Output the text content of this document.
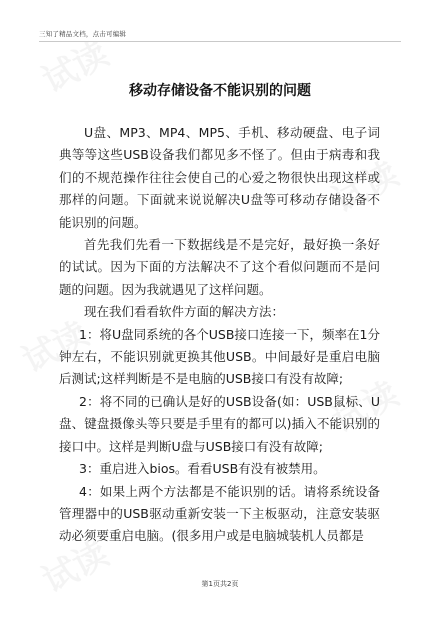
三知了精品文档，点击可编辑
移动存储设备不能识别的问题

U盘、MP3、MP4、MP5、手机、移动硬盘、电子词典等等这些USB设备我们都见多不怪了。但由于病毒和我们的不规范操作往往会使自己的心爱之物很快出现这样或那样的问题。下面就来说说解决U盘等可移动存储设备不能识别的问题。

首先我们先看一下数据线是不是完好，最好换一条好的试试。因为下面的方法解决不了这个看似问题而不是问题的问题。因为我就遇见了这样问题。

现在我们看看软件方面的解决方法：

1：将U盘同系统的各个USB接口连接一下，频率在1分钟左右，不能识别就更换其他USB。中间最好是重启电脑后测试;这样判断是不是电脑的USB接口有没有故障;

2：将不同的已确认是好的USB设备(如：USB鼠标、U盘、键盘摄像头等只要是手里有的都可以)插入不能识别的接口中。这样是判断U盘与USB接口有没有故障;

3：重启进入bios。看看USB有没有被禁用。

4：如果上两个方法都是不能识别的话。请将系统设备管理器中的USB驱动重新安装一下主板驱动，注意安装驱动必须要重启电脑。(很多用户或是电脑城装机人员都是

第1页共2页
